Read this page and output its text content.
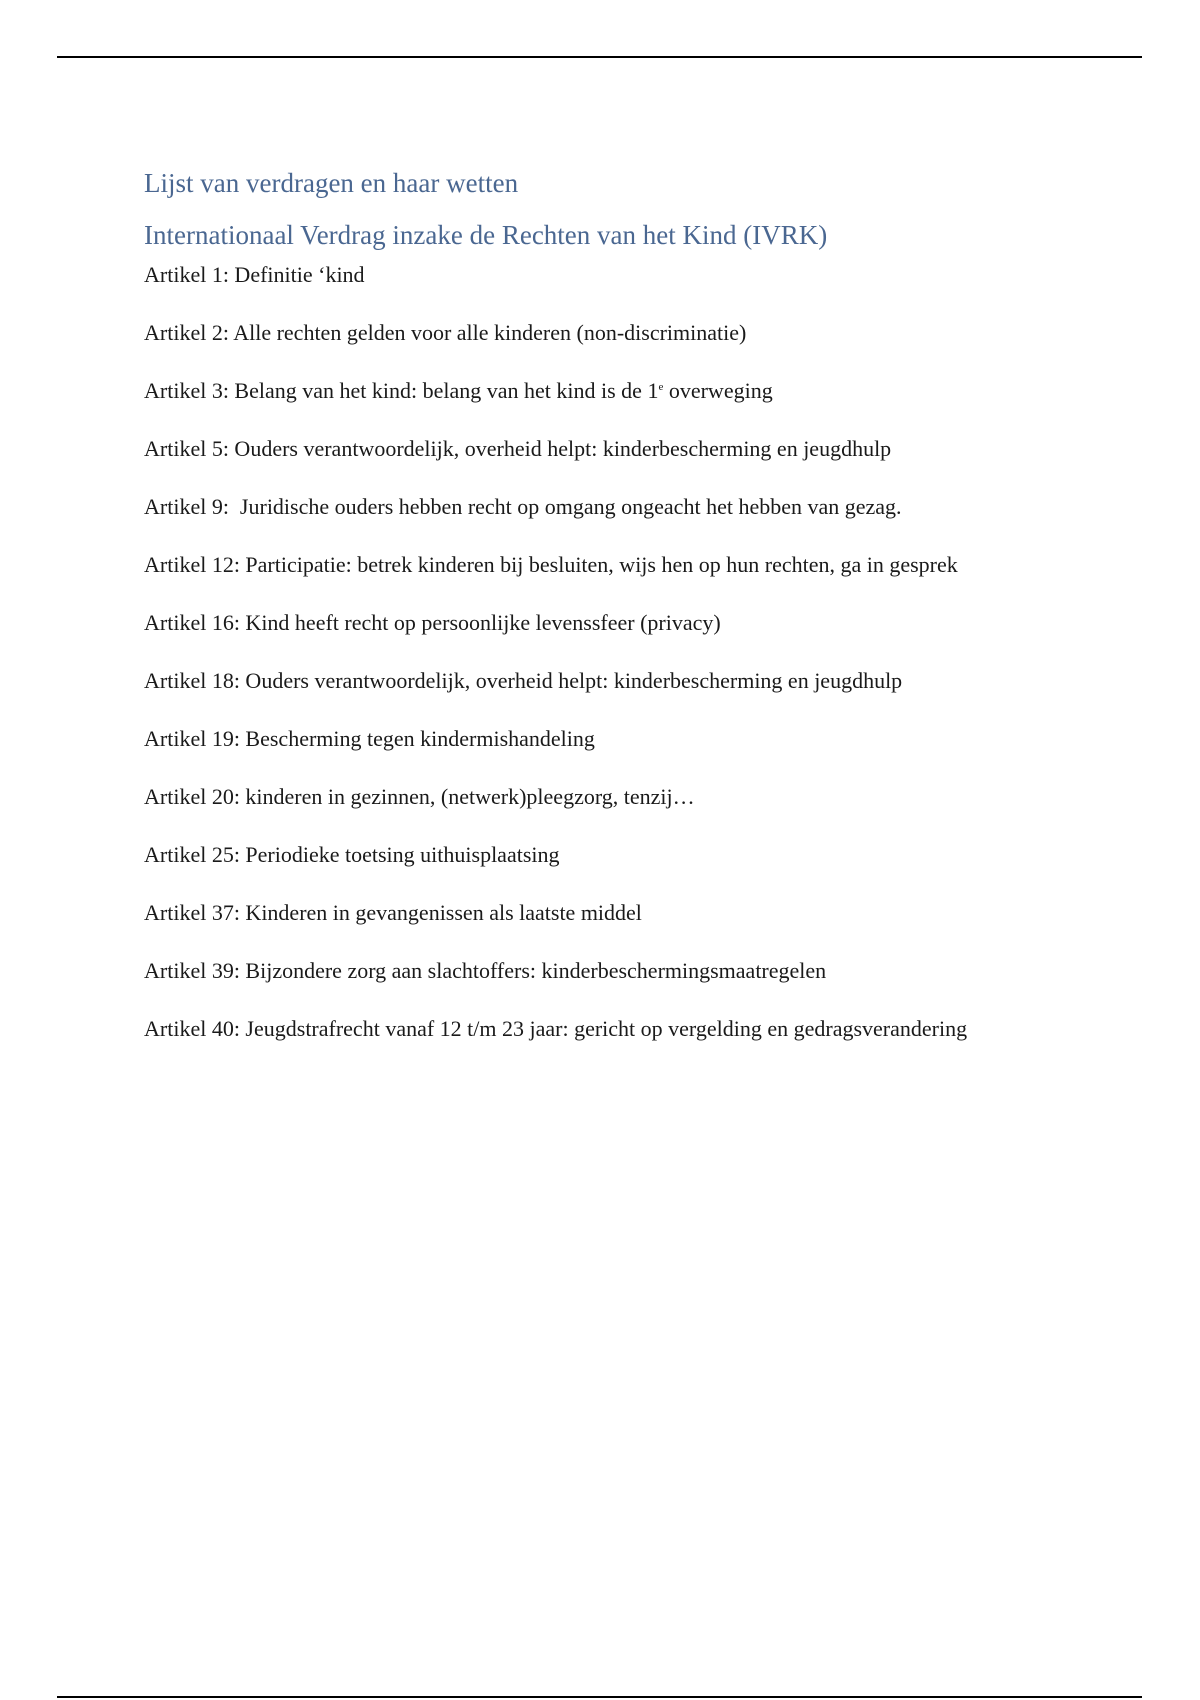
Lijst van verdragen en haar wetten
Internationaal Verdrag inzake de Rechten van het Kind (IVRK)
Artikel 1: Definitie ‘kind
Artikel 2: Alle rechten gelden voor alle kinderen (non-discriminatie)
Artikel 3: Belang van het kind: belang van het kind is de 1e overweging
Artikel 5: Ouders verantwoordelijk, overheid helpt: kinderbescherming en jeugdhulp
Artikel 9:  Juridische ouders hebben recht op omgang ongeacht het hebben van gezag.
Artikel 12: Participatie: betrek kinderen bij besluiten, wijs hen op hun rechten, ga in gesprek
Artikel 16: Kind heeft recht op persoonlijke levenssfeer (privacy)
Artikel 18: Ouders verantwoordelijk, overheid helpt: kinderbescherming en jeugdhulp
Artikel 19: Bescherming tegen kindermishandeling
Artikel 20: kinderen in gezinnen, (netwerk)pleegzorg, tenzij…
Artikel 25: Periodieke toetsing uithuisplaatsing
Artikel 37: Kinderen in gevangenissen als laatste middel
Artikel 39: Bijzondere zorg aan slachtoffers: kinderbeschermingsmaatregelen
Artikel 40: Jeugdstrafrecht vanaf 12 t/m 23 jaar: gericht op vergelding en gedragsverandering
